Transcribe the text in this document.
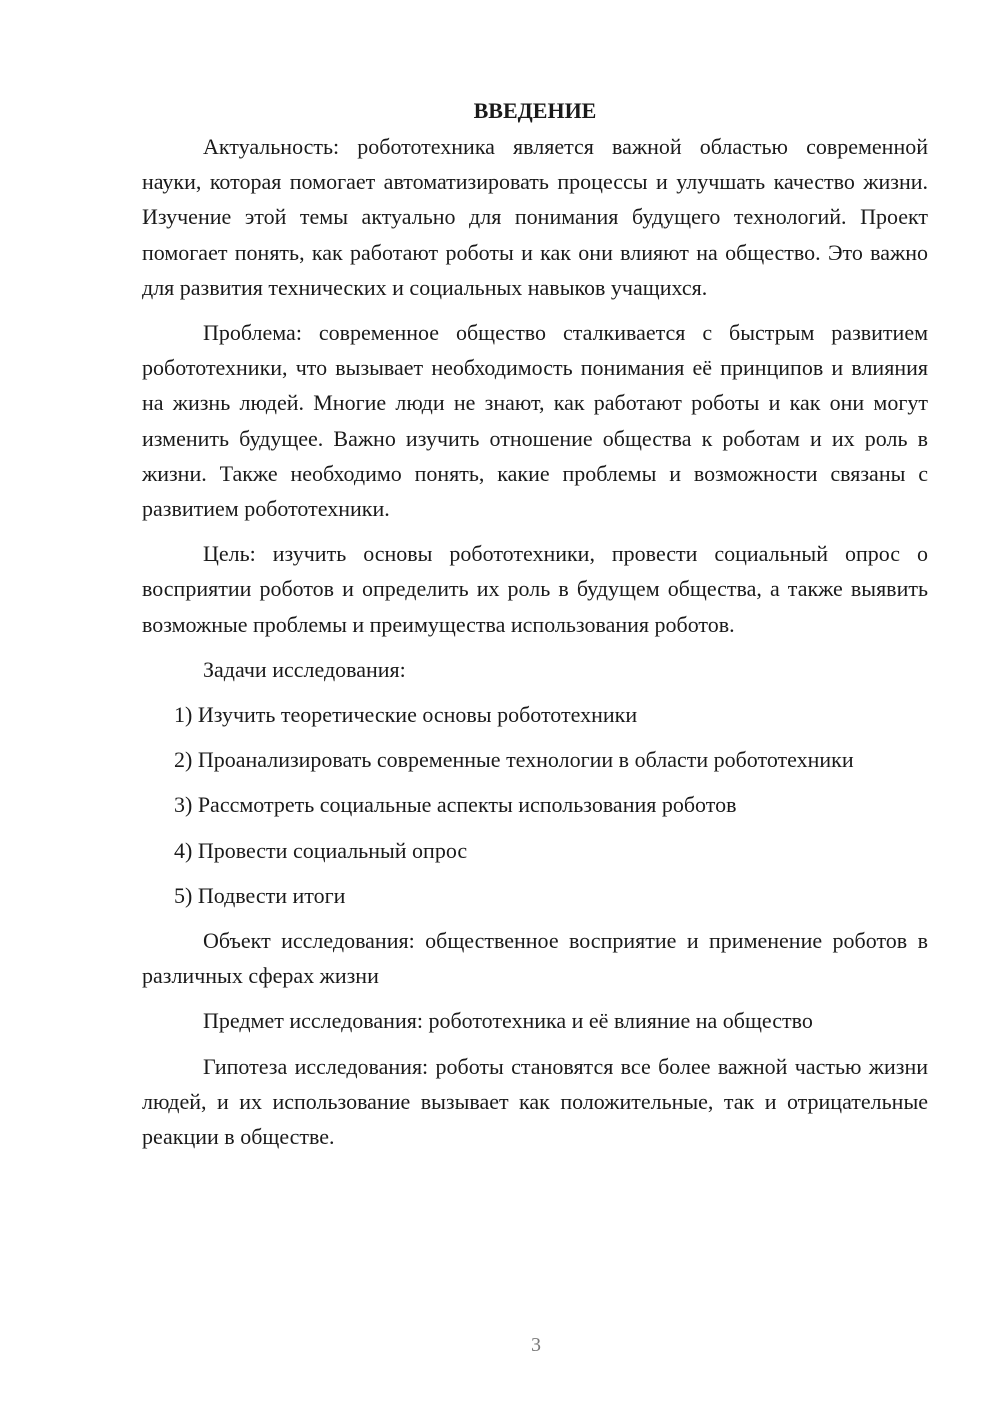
ВВЕДЕНИЕ

Актуальность: робототехника является важной областью современной науки, которая помогает автоматизировать процессы и улучшать качество жизни. Изучение этой темы актуально для понимания будущего технологий. Проект помогает понять, как работают роботы и как они влияют на общество. Это важно для развития технических и социальных навыков учащихся.

Проблема: современное общество сталкивается с быстрым развитием робототехники, что вызывает необходимость понимания её принципов и влияния на жизнь людей. Многие люди не знают, как работают роботы и как они могут изменить будущее. Важно изучить отношение общества к роботам и их роль в жизни. Также необходимо понять, какие проблемы и возможности связаны с развитием робототехники.

Цель: изучить основы робототехники, провести социальный опрос о восприятии роботов и определить их роль в будущем общества, а также выявить возможные проблемы и преимущества использования роботов.

Задачи исследования:

1) Изучить теоретические основы робототехники

2) Проанализировать современные технологии в области робототехники

3) Рассмотреть социальные аспекты использования роботов

4) Провести социальный опрос

5) Подвести итоги

Объект исследования: общественное восприятие и применение роботов в различных сферах жизни

Предмет исследования: робототехника и её влияние на общество

Гипотеза исследования: роботы становятся все более важной частью жизни людей, и их использование вызывает как положительные, так и отрицательные реакции в обществе.

3
